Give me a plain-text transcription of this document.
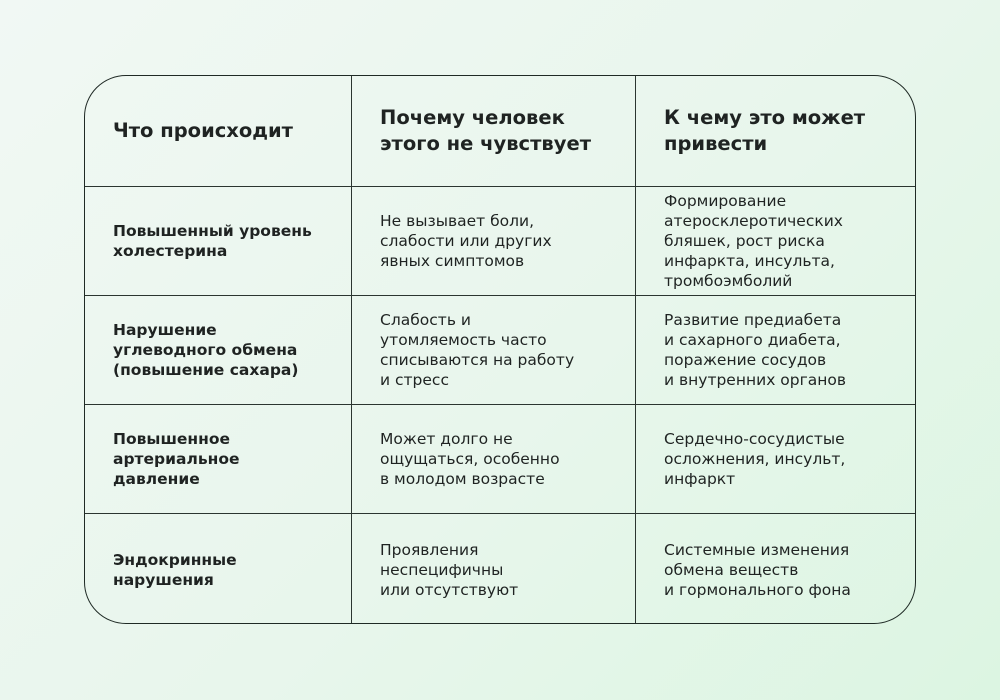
Что происходит
Почему человек
этого не чувствует
К чему это может
привести
Повышенный уровень
холестерина
Не вызывает боли,
слабости или других
явных симптомов
Формирование
атеросклеротических
бляшек, рост риска
инфаркта, инсульта,
тромбоэмболий
Нарушение
углеводного обмена
(повышение сахара)
Слабость и
утомляемость часто
списываются на работу
и стресс
Развитие предиабета
и сахарного диабета,
поражение сосудов
и внутренних органов
Повышенное
артериальное давление
Может долго не
ощущаться, особенно
в молодом возрасте
Сердечно-сосудистые
осложнения, инсульт,
инфаркт
Эндокринные
нарушения
Проявления
неспецифичны
или отсутствуют
Системные изменения
обмена веществ
и гормонального фона
